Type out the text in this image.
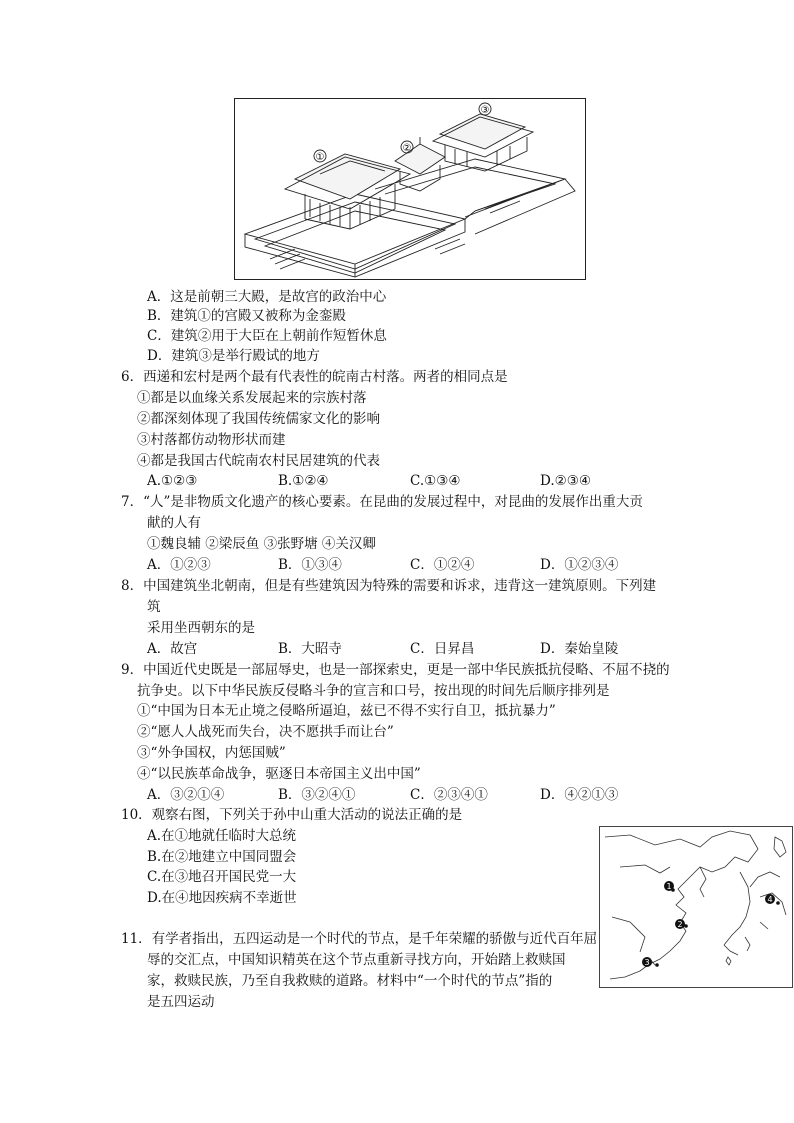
①
②
③
A．这是前朝三大殿，是故宫的政治中心
B．建筑①的宫殿又被称为金銮殿
C．建筑②用于大臣在上朝前作短暂休息
D．建筑③是举行殿试的地方
6．西递和宏村是两个最有代表性的皖南古村落。两者的相同点是
①都是以血缘关系发展起来的宗族村落
②都深刻体现了我国传统儒家文化的影响
③村落都仿动物形状而建
④都是我国古代皖南农村民居建筑的代表
A.①②③	B.①②④	C.①③④	D.②③④
7．“人”是非物质文化遗产的核心要素。在昆曲的发展过程中，对昆曲的发展作出重大贡
献的人有
①魏良辅 ②梁辰鱼 ③张野塘 ④关汉卿
A．①②③	B．①③④	C．①②④	D．①②③④
8．中国建筑坐北朝南，但是有些建筑因为特殊的需要和诉求，违背这一建筑原则。下列建
筑
采用坐西朝东的是
A．故宫	B．大昭寺	C．日昇昌	D．秦始皇陵
9．中国近代史既是一部屈辱史，也是一部探索史，更是一部中华民族抵抗侵略、不屈不挠的
抗争史。以下中华民族反侵略斗争的宣言和口号，按出现的时间先后顺序排列是
①“中国为日本无止境之侵略所逼迫，兹已不得不实行自卫，抵抗暴力”
②“愿人人战死而失台，决不愿拱手而让台”
③“外争国权，内惩国贼”
④“以民族革命战争，驱逐日本帝国主义出中国”
A．③②①④	B．③②④①	C．②③④①	D．④②①③
10．观察右图，下列关于孙中山重大活动的说法正确的是
A.在①地就任临时大总统
B.在②地建立中国同盟会
C.在③地召开国民党一大
D.在④地因疾病不幸逝世
1
2
3
4
11．有学者指出，五四运动是一个时代的节点，是千年荣耀的骄傲与近代百年屈
辱的交汇点，中国知识精英在这个节点重新寻找方向，开始踏上救赎国
家，救赎民族，乃至自我救赎的道路。材料中“一个时代的节点”指的
是五四运动
